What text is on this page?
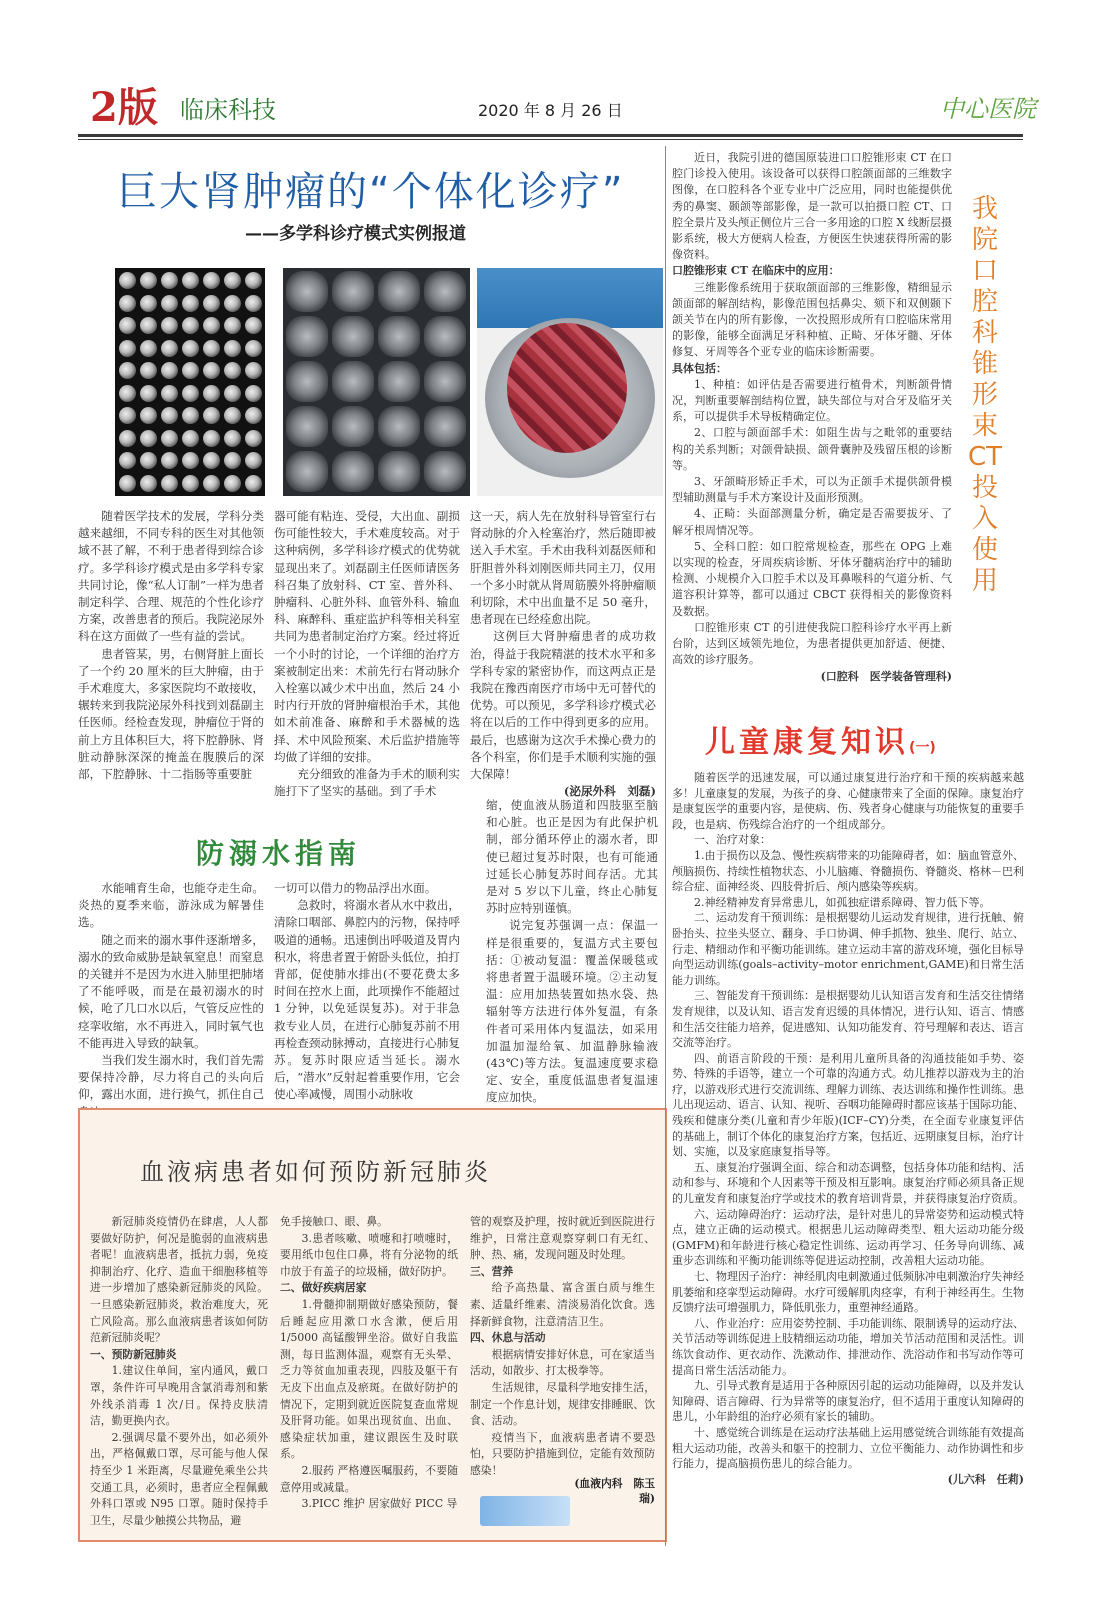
2版 临床科技	2020 年 8 月 26 日	中心医院
巨大肾肿瘤的“个体化诊疗”
——多学科诊疗模式实例报道

随着医学技术的发展，学科分类越来越细，不同专科的医生对其他领域不甚了解，不利于患者得到综合诊疗。多学科诊疗模式是由多学科专家共同讨论，像“私人订制”一样为患者制定科学、合理、规范的个性化诊疗方案，改善患者的预后。我院泌尿外科在这方面做了一些有益的尝试。

患者管某，男，右侧肾脏上面长了一个约 20 厘米的巨大肿瘤，由于手术难度大，多家医院均不敢接收，辗转来到我院泌尿外科找到刘磊副主任医师。经检查发现，肿瘤位于肾的前上方且体积巨大，将下腔静脉、肾脏动静脉深深的掩盖在腹膜后的深部，下腔静脉、十二指肠等重要脏

器可能有粘连、受侵，大出血、副损伤可能性较大，手术难度较高。对于这种病例，多学科诊疗模式的优势就显现出来了。刘磊副主任医师请医务科召集了放射科、CT 室、普外科、肿瘤科、心脏外科、血管外科、输血科、麻醉科、重症监护科等相关科室共同为患者制定治疗方案。经过将近一个小时的讨论，一个详细的治疗方案被制定出来：术前先行右肾动脉介入栓塞以减少术中出血，然后 24 小时内行开放的肾肿瘤根治手术，其他如术前准备、麻醉和手术器械的选择、术中风险预案、术后监护措施等均做了详细的安排。

充分细致的准备为手术的顺利实施打下了坚实的基础。到了手术

这一天，病人先在放射科导管室行右肾动脉的介入栓塞治疗，然后随即被送入手术室。手术由我科刘磊医师和肝胆普外科刘刚医师共同主刀，仅用一个多小时就从肾周筋膜外将肿瘤顺利切除，术中出血量不足 50 毫升，患者现在已经痊愈出院。

这例巨大肾肿瘤患者的成功救治，得益于我院精湛的技术水平和多学科专家的紧密协作，而这两点正是我院在豫西南医疗市场中无可替代的优势。可以预见，多学科诊疗模式必将在以后的工作中得到更多的应用。最后，也感谢为这次手术操心费力的各个科室，你们是手术顺利实施的强大保障！

(泌尿外科　刘磊)

防溺水指南

水能哺育生命，也能夺走生命。炎热的夏季来临，游泳成为解暑佳选。

随之而来的溺水事件逐渐增多，溺水的致命威胁是缺氧窒息！而窒息的关键并不是因为水进入肺里把肺堵了不能呼吸，而是在最初溺水的时候，呛了几口水以后，气管反应性的痉挛收缩，水不再进入，同时氧气也不能再进入导致的缺氧。

当我们发生溺水时，我们首先需要保持冷静，尽力将自己的头向后仰，露出水面，进行换气，抓住自己

一切可以借力的物品浮出水面。

急救时，将溺水者从水中救出，清除口咽部、鼻腔内的污物，保持呼吸道的通畅。迅速倒出呼吸道及胃内积水，将患者置于俯卧头低位，拍打背部，促使肺水排出(不要花费太多时间在控水上面，此项操作不能超过 1 分钟，以免延误复苏)。对于非急救专业人员，在进行心肺复苏前不用再检查颈动脉搏动，直接进行心肺复苏。复苏时限应适当延长。溺水后，“潜水”反射起着重要作用，它会使心率减慢，周围小动脉收

缩，使血液从肠道和四肢驱至脑和心脏。也正是因为有此保护机制，部分循环停止的溺水者，即使已超过复苏时限，也有可能通过延长心肺复苏时间存活。尤其是对 5 岁以下儿童，终止心肺复苏时应特别谨慎。

说完复苏强调一点：保温一样是很重要的，复温方式主要包括：①被动复温：覆盖保暖毯或将患者置于温暖环境。②主动复温：应用加热装置如热水袋、热辐射等方法进行体外复温，有条件者可采用体内复温法，如采用加温加湿给氧、加温静脉输液(43℃)等方法。复温速度要求稳定、安全，重度低温患者复温速度应加快。

血液病患者如何预防新冠肺炎

新冠肺炎疫情仍在肆虐，人人都要做好防护，何况是脆弱的血液病患者呢！血液病患者，抵抗力弱，免疫抑制治疗、化疗、造血干细胞移植等进一步增加了感染新冠肺炎的风险。一旦感染新冠肺炎，救治难度大，死亡风险高。那么血液病患者该如何防范新冠肺炎呢？

一、预防新冠肺炎

1.建议住单间，室内通风，戴口罩，条件许可早晚用含氯消毒剂和紫外线杀消毒 1 次/日。保持皮肤清洁，勤更换内衣。

2.强调尽量不要外出，如必须外出，严格佩戴口罩，尽可能与他人保持至少 1 米距离，尽量避免乘坐公共交通工具，必须时，患者应全程佩戴外科口罩或 N95 口罩。随时保持手卫生，尽量少触摸公共物品，避

免手接触口、眼、鼻。

3.患者咳嗽、喷嚏和打喷嚏时，要用纸巾包住口鼻，将有分泌物的纸巾放于有盖子的垃圾桶，做好防护。

二、做好疾病居家

1.骨髓抑制期做好感染预防，餐后睡起应用漱口水含漱，便后用 1/5000 高锰酸钾坐浴。做好自我监测，每日监测体温，观察有无头晕、乏力等贫血加重表现，四肢及躯干有无皮下出血点及瘀斑。在做好防护的情况下，定期到就近医院复查血常规及肝肾功能。如果出现贫血、出血、感染症状加重，建议跟医生及时联系。

2.服药 严格遵医嘱服药，不要随意停用或减量。

3.PICC 维护 居家做好 PICC 导

管的观察及护理，按时就近到医院进行维护，日常注意观察穿刺口有无红、肿、热、痛，发现问题及时处理。

三、营养

给予高热量、富含蛋白质与维生素、适量纤维素、清淡易消化饮食。选择新鲜食物，注意清洁卫生。

四、休息与活动

根据病情安排好休息，可在家适当活动，如散步、打太极拳等。

生活规律，尽量科学地安排生活，制定一个作息计划，规律安排睡眠、饮食、活动。

疫情当下，血液病患者请不要恐怕，只要防护措施到位，定能有效预防感染！

(血液内科　陈玉瑞)

近日，我院引进的德国原装进口口腔锥形束 CT 在口腔门诊投入使用。该设备可以获得口腔颌面部的三维数字图像，在口腔科各个亚专业中广泛应用，同时也能提供优秀的鼻窦、颞颌等部影像，是一款可以拍摄口腔 CT、口腔全景片及头颅正侧位片三合一多用途的口腔 X 线断层摄影系统，极大方便病人检查，方便医生快速获得所需的影像资料。

口腔锥形束 CT 在临床中的应用：

三维影像系统用于获取颌面部的三维影像，精细显示颌面部的解剖结构，影像范围包括鼻尖、颏下和双侧颞下颌关节在内的所有影像，一次投照形成所有口腔临床常用的影像，能够全面满足牙科种植、正畸、牙体牙髓、牙体修复、牙周等各个亚专业的临床诊断需要。

具体包括：

1、种植：如评估是否需要进行植骨术，判断颌骨情况，判断重要解剖结构位置，缺失部位与对合牙及临牙关系，可以提供手术导板精确定位。

2、口腔与颌面部手术：如阻生齿与之毗邻的重要结构的关系判断；对颌骨缺损、颌骨囊肿及残留压根的诊断等。

3、牙颌畸形矫正手术，可以为正颌手术提供颌骨模型辅助测量与手术方案设计及面形预测。

4、正畸：头面部测量分析，确定是否需要拔牙、了解牙根周情况等。

5、全科口腔：如口腔常规检查，那些在 OPG 上难以实现的检查，牙周疾病诊断、牙体牙髓病治疗中的辅助检测、小规模介入口腔手术以及耳鼻喉科的气道分析、气道容积计算等，都可以通过 CBCT 获得相关的影像资料及数据。

口腔锥形束 CT 的引进使我院口腔科诊疗水平再上新台阶，达到区域领先地位，为患者提供更加舒适、便捷、高效的诊疗服务。

(口腔科　医学装备管理科)

我院口腔科锥形束CT投入使用
儿童康复知识(一)

随着医学的迅速发展，可以通过康复进行治疗和干预的疾病越来越多！儿童康复的发展，为孩子的身、心健康带来了全面的保障。康复治疗是康复医学的重要内容，是使病、伤、残者身心健康与功能恢复的重要手段，也是病、伤残综合治疗的一个组成部分。

一、治疗对象：

1.由于损伤以及急、慢性疾病带来的功能障碍者，如：脑血管意外、颅脑损伤、持续性植物状态、小儿脑瘫、脊髓损伤、脊髓炎、格林－巴利综合症、面神经炎、四肢骨折后、颅内感染等疾病。

2.神经精神发育异常患儿，如孤独症谱系障碍、智力低下等。

二、运动发育干预训练：是根据婴幼儿运动发育规律，进行抚触、俯卧抬头、拉坐头竖立、翻身、手口协调、伸手抓物、独坐、爬行、站立、行走、精细动作和平衡功能训练。建立运动丰富的游戏环境，强化目标导向型运动训练(goals–activity–motor enrichment,GAME)和日常生活能力训练。

三、智能发育干预训练：是根据婴幼儿认知语言发育和生活交往情绪发育规律，以及认知、语言发育迟缓的具体情况，进行认知、语言、情感和生活交往能力培养，促进感知、认知功能发育、符号理解和表达、语言交流等治疗。

四、前语言阶段的干预：是利用儿童所具备的沟通技能如手势、姿势、特殊的手语等，建立一个可靠的沟通方式。幼儿推荐以游戏为主的治疗，以游戏形式进行交流训练、理解力训练、表达训练和操作性训练。患儿出现运动、语言、认知、视听、吞咽功能障碍时都应该基于国际功能、残疾和健康分类(儿童和青少年版)(ICF–CY)分类，在全面专业康复评估的基础上，制订个体化的康复治疗方案，包括近、远期康复目标，治疗计划、实施，以及家庭康复指导等。

五、康复治疗强调全面、综合和动态调整，包括身体功能和结构、活动和参与、环境和个人因素等干预及相互影响。康复治疗师必须具备正规的儿童发育和康复治疗学或技术的教育培训背景，并获得康复治疗资质。

六、运动障碍治疗：运动疗法，是针对患儿的异常姿势和运动模式特点，建立正确的运动模式。根据患儿运动障碍类型、粗大运动功能分级(GMFM)和年龄进行核心稳定性训练、运动再学习、任务导向训练、减重步态训练和平衡功能训练等促进运动控制，改善粗大运动功能。

七、物理因子治疗：神经肌肉电刺激通过低频脉冲电刺激治疗失神经肌萎缩和痉挛型运动障碍。水疗可缓解肌肉痉挛，有利于神经再生。生物反馈疗法可增强肌力，降低肌张力，重塑神经通路。

八、作业治疗：应用姿势控制、手功能训练、限制诱导的运动疗法、关节活动等训练促进上肢精细运动功能，增加关节活动范围和灵活性。训练饮食动作、更衣动作、洗漱动作、排泄动作、洗浴动作和书写动作等可提高日常生活活动能力。

九、引导式教育是适用于各种原因引起的运动功能障碍，以及并发认知障碍、语言障碍、行为异常等的康复治疗，但不适用于重度认知障碍的患儿，小年龄组的治疗必须有家长的辅助。

十、感觉统合训练是在运动疗法基础上运用感觉统合训练能有效提高粗大运动功能，改善头和躯干的控制力、立位平衡能力、动作协调性和步行能力，提高脑损伤患儿的综合能力。

(儿六科　任莉)
